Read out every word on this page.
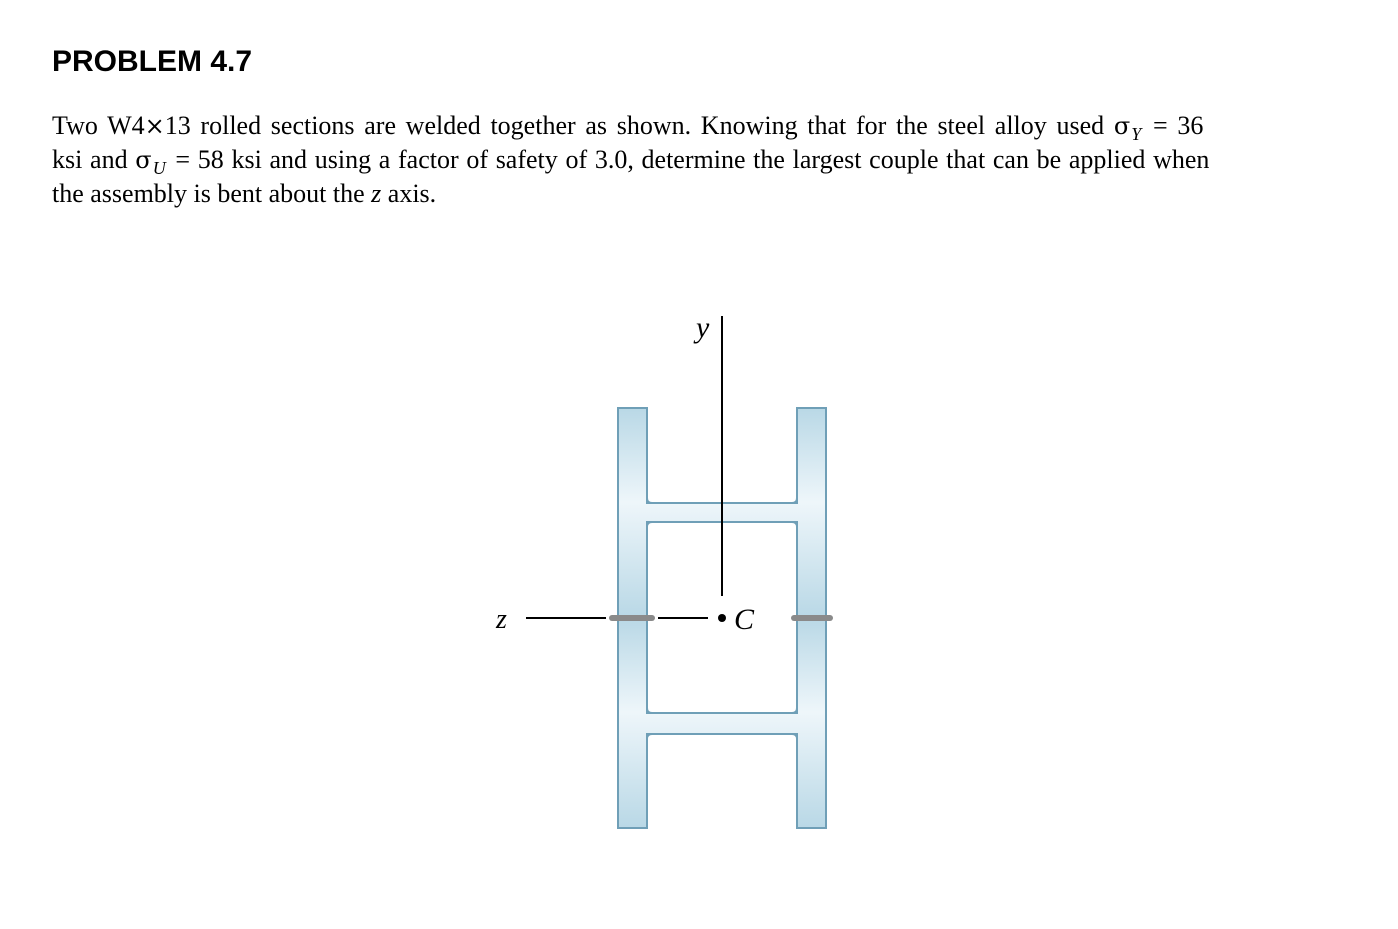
PROBLEM 4.7

Two W4×13 rolled sections are welded together as shown. Knowing that for the steel alloy used $\sigma_Y = 36$
ksi and $\sigma_U = 58$ ksi and using a factor of safety of 3.0, determine the largest couple that can be applied when
the assembly is bent about the z axis.

y
z	C
